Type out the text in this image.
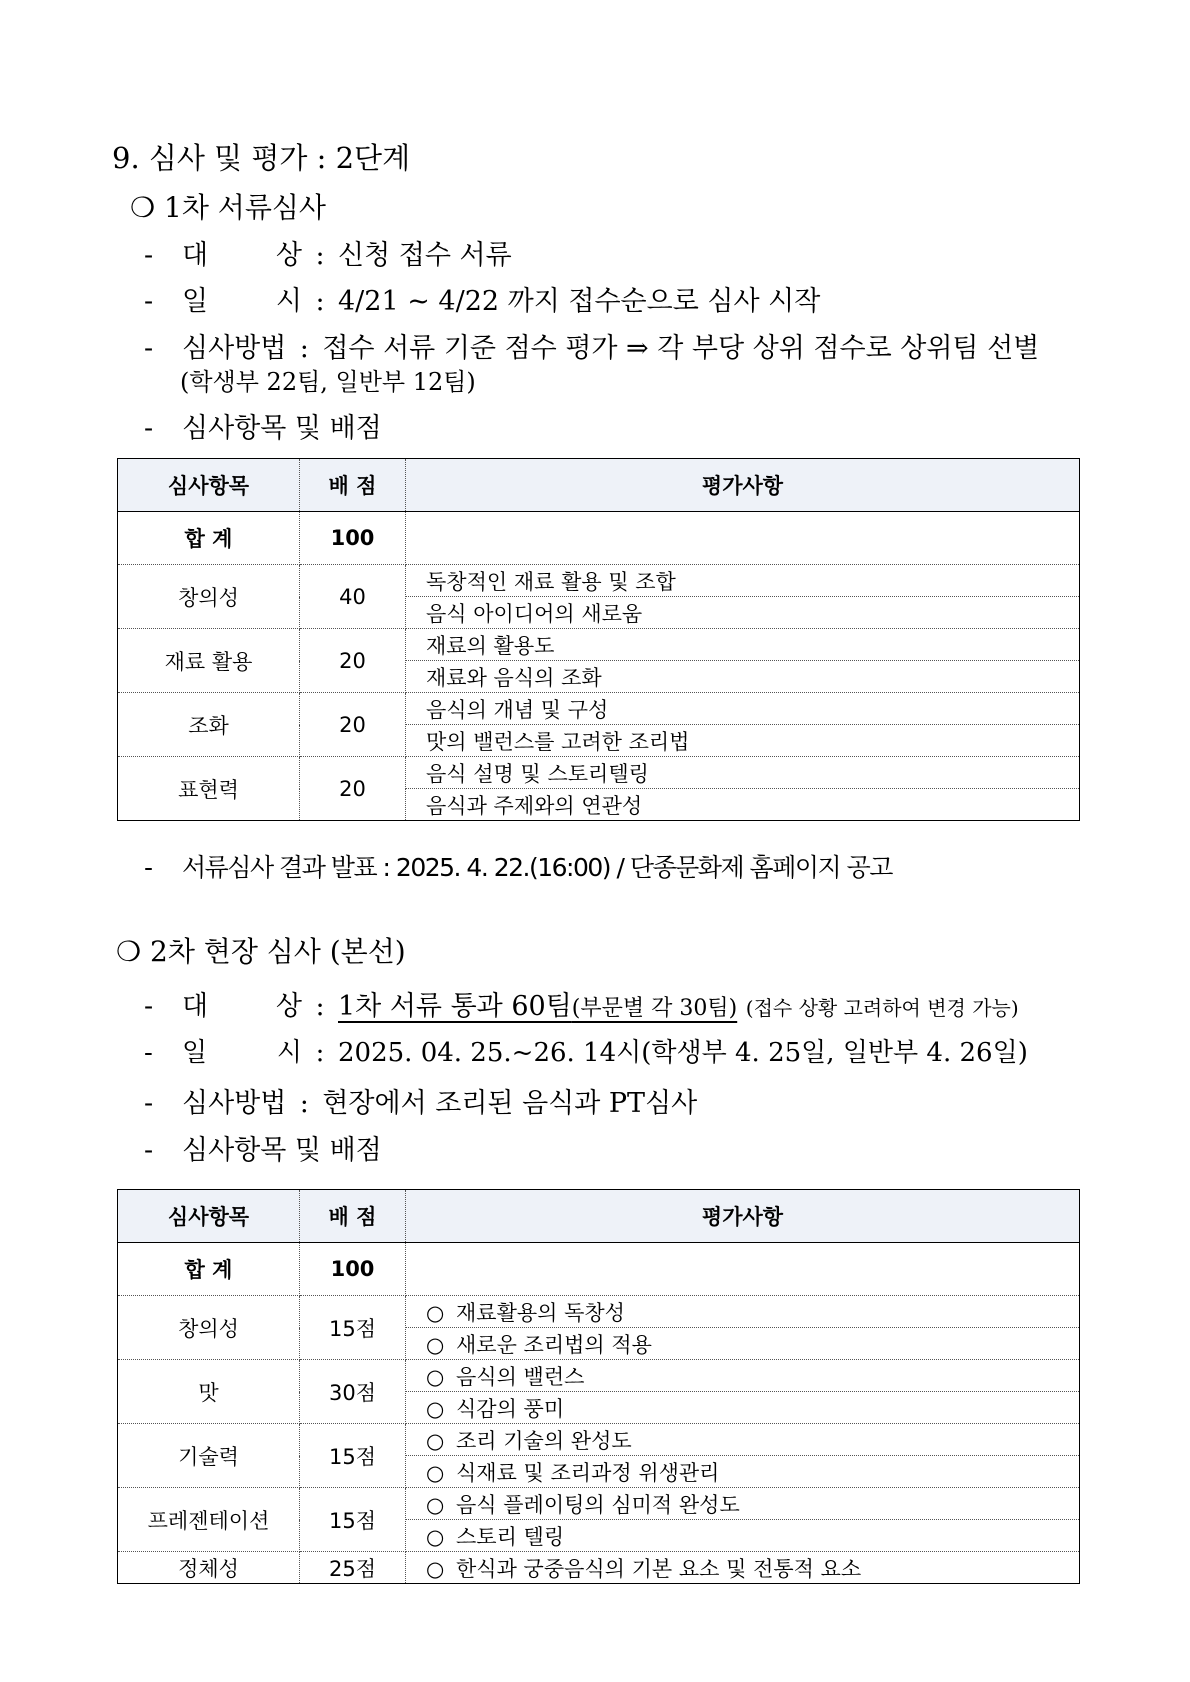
9. 심사 및 평가 : 2단계
❍ 1차 서류심사
- 대 상 : 신청 접수 서류
- 일 시 : 4/21 ~ 4/22 까지 접수순으로 심사 시작
- 심사방법 : 접수 서류 기준 점수 평가 ⇒ 각 부당 상위 점수로 상위팀 선별
(학생부 22팀, 일반부 12팀)
- 심사항목 및 배점
심사항목	배 점	평가사항
합 계	100	
창의성	40	독창적인 재료 활용 및 조합
		음식 아이디어의 새로움
재료 활용	20	재료의 활용도
		재료와 음식의 조화
조화	20	음식의 개념 및 구성
		맛의 밸런스를 고려한 조리법
표현력	20	음식 설명 및 스토리텔링
		음식과 주제와의 연관성
- 서류심사 결과 발표 : 2025. 4. 22.(16:00) / 단종문화제 홈페이지 공고
❍ 2차 현장 심사 (본선)
- 대 상 : 1차 서류 통과 60팀(부문별 각 30팀) (접수 상황 고려하여 변경 가능)
- 일 시 : 2025. 04. 25.~26. 14시(학생부 4. 25일, 일반부 4. 26일)
- 심사방법 : 현장에서 조리된 음식과 PT심사
- 심사항목 및 배점
심사항목	배 점	평가사항
합 계	100	
창의성	15점	○ 재료활용의 독창성
		○ 새로운 조리법의 적용
맛	30점	○ 음식의 밸런스
		○ 식감의 풍미
기술력	15점	○ 조리 기술의 완성도
		○ 식재료 및 조리과정 위생관리
프레젠테이션	15점	○ 음식 플레이팅의 심미적 완성도
		○ 스토리 텔링
정체성	25점	○ 한식과 궁중음식의 기본 요소 및 전통적 요소
